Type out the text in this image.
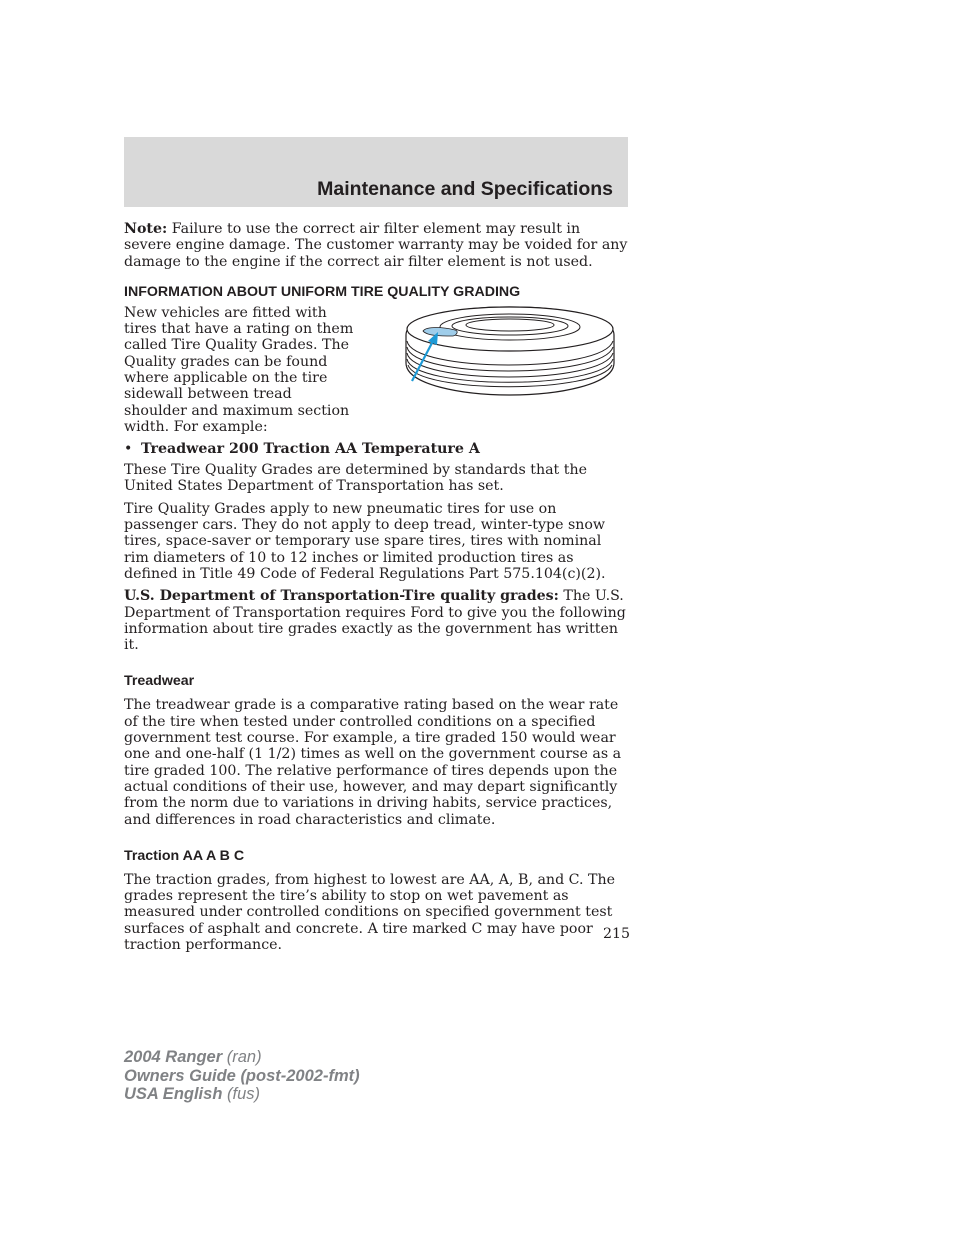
Maintenance and Specifications

Note: Failure to use the correct air filter element may result in severe engine damage. The customer warranty may be voided for any damage to the engine if the correct air filter element is not used.

INFORMATION ABOUT UNIFORM TIRE QUALITY GRADING

New vehicles are fitted with tires that have a rating on them called Tire Quality Grades. The Quality grades can be found where applicable on the tire sidewall between tread shoulder and maximum section width. For example:

• Treadwear 200 Traction AA Temperature A

These Tire Quality Grades are determined by standards that the United States Department of Transportation has set.

Tire Quality Grades apply to new pneumatic tires for use on passenger cars. They do not apply to deep tread, winter-type snow tires, space-saver or temporary use spare tires, tires with nominal rim diameters of 10 to 12 inches or limited production tires as defined in Title 49 Code of Federal Regulations Part 575.104(c)(2).

U.S. Department of Transportation-Tire quality grades: The U.S. Department of Transportation requires Ford to give you the following information about tire grades exactly as the government has written it.

Treadwear

The treadwear grade is a comparative rating based on the wear rate of the tire when tested under controlled conditions on a specified government test course. For example, a tire graded 150 would wear one and one-half (1 1/2) times as well on the government course as a tire graded 100. The relative performance of tires depends upon the actual conditions of their use, however, and may depart significantly from the norm due to variations in driving habits, service practices, and differences in road characteristics and climate.

Traction AA A B C

The traction grades, from highest to lowest are AA, A, B, and C. The grades represent the tire’s ability to stop on wet pavement as measured under controlled conditions on specified government test surfaces of asphalt and concrete. A tire marked C may have poor traction performance.

215
2004 Ranger (ran)
Owners Guide (post-2002-fmt)
USA English (fus)
